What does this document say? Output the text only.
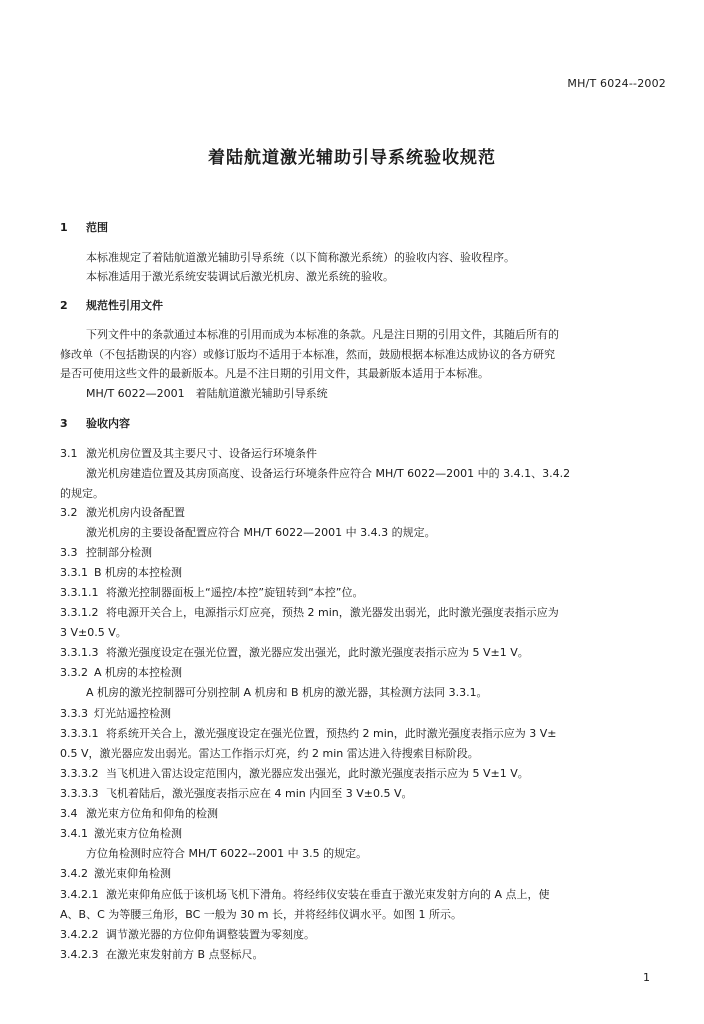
MH/T 6024--2002
着陆航道激光辅助引导系统验收规范
1 范围
本标准规定了着陆航道激光辅助引导系统（以下简称激光系统）的验收内容、验收程序。
本标准适用于激光系统安装调试后激光机房、激光系统的验收。
2 规范性引用文件
下列文件中的条款通过本标准的引用而成为本标准的条款。凡是注日期的引用文件，其随后所有的
修改单（不包括勘误的内容）或修订版均不适用于本标准，然而，鼓励根据本标准达成协议的各方研究
是否可使用这些文件的最新版本。凡是不注日期的引用文件，其最新版本适用于本标准。
MH/T 6022—2001　着陆航道激光辅助引导系统
3 验收内容
3.1 激光机房位置及其主要尺寸、设备运行环境条件
激光机房建造位置及其房顶高度、设备运行环境条件应符合 MH/T 6022—2001 中的 3.4.1、3.4.2
的规定。
3.2 激光机房内设备配置
激光机房的主要设备配置应符合 MH/T 6022—2001 中 3.4.3 的规定。
3.3 控制部分检测
3.3.1 B 机房的本控检测
3.3.1.1 将激光控制器面板上“遥控/本控”旋钮转到“本控”位。
3.3.1.2 将电源开关合上，电源指示灯应亮，预热 2 min，激光器发出弱光，此时激光强度表指示应为
3 V±0.5 V。
3.3.1.3 将激光强度设定在强光位置，激光器应发出强光，此时激光强度表指示应为 5 V±1 V。
3.3.2 A 机房的本控检测
A 机房的激光控制器可分别控制 A 机房和 B 机房的激光器，其检测方法同 3.3.1。
3.3.3 灯光站遥控检测
3.3.3.1 将系统开关合上，激光强度设定在强光位置，预热约 2 min，此时激光强度表指示应为 3 V±
0.5 V，激光器应发出弱光。雷达工作指示灯亮，约 2 min 雷达进入待搜索目标阶段。
3.3.3.2 当飞机进入雷达设定范围内，激光器应发出强光，此时激光强度表指示应为 5 V±1 V。
3.3.3.3 飞机着陆后，激光强度表指示应在 4 min 内回至 3 V±0.5 V。
3.4 激光束方位角和仰角的检测
3.4.1 激光束方位角检测
方位角检测时应符合 MH/T 6022--2001 中 3.5 的规定。
3.4.2 激光束仰角检测
3.4.2.1 激光束仰角应低于该机场飞机下滑角。将经纬仪安装在垂直于激光束发射方向的 A 点上，使
A、B、C 为等腰三角形，BC 一般为 30 m 长，并将经纬仪调水平。如图 1 所示。
3.4.2.2 调节激光器的方位仰角调整装置为零刻度。
3.4.2.3 在激光束发射前方 B 点竖标尺。
1
